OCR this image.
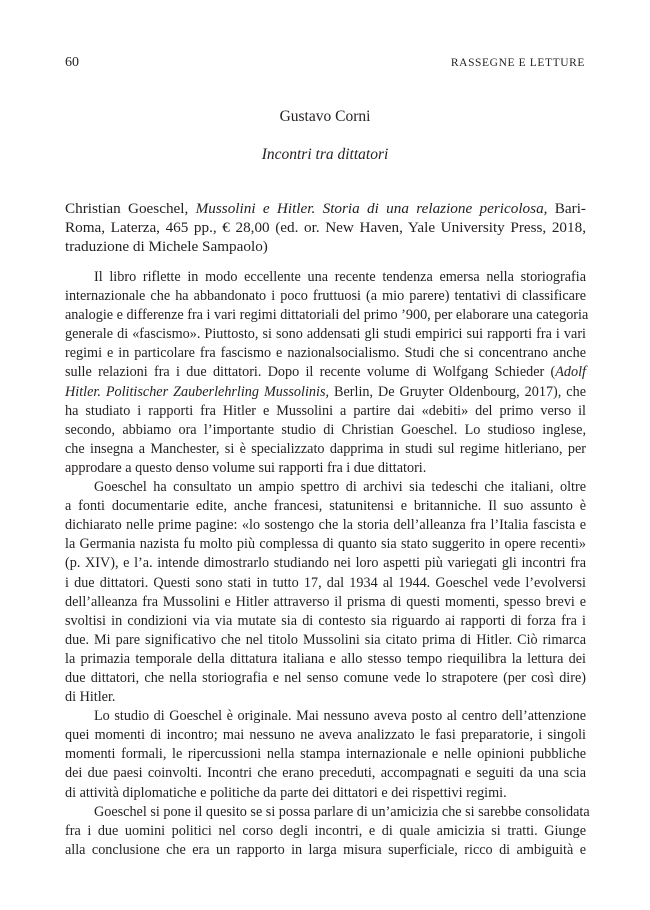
60	RASSEGNE E LETTURE
Gustavo Corni
Incontri tra dittatori
Christian Goeschel, Mussolini e Hitler. Storia di una relazione pericolosa, Bari-Roma, Laterza, 465 pp., € 28,00 (ed. or. New Haven, Yale University Press, 2018, traduzione di Michele Sampaolo)
Il libro riflette in modo eccellente una recente tendenza emersa nella storiografia
internazionale che ha abbandonato i poco fruttuosi (a mio parere) tentativi di classificare
analogie e differenze fra i vari regimi dittatoriali del primo ’900, per elaborare una categoria
generale di «fascismo». Piuttosto, si sono addensati gli studi empirici sui rapporti fra i vari
regimi e in particolare fra fascismo e nazionalsocialismo. Studi che si concentrano anche
sulle relazioni fra i due dittatori. Dopo il recente volume di Wolfgang Schieder (Adolf
Hitler. Politischer Zauberlehrling Mussolinis, Berlin, De Gruyter Oldenbourg, 2017), che
ha studiato i rapporti fra Hitler e Mussolini a partire dai «debiti» del primo verso il
secondo, abbiamo ora l’importante studio di Christian Goeschel. Lo studioso inglese,
che insegna a Manchester, si è specializzato dapprima in studi sul regime hitleriano, per
approdare a questo denso volume sui rapporti fra i due dittatori.
Goeschel ha consultato un ampio spettro di archivi sia tedeschi che italiani, oltre
a fonti documentarie edite, anche francesi, statunitensi e britanniche. Il suo assunto è
dichiarato nelle prime pagine: «lo sostengo che la storia dell’alleanza fra l’Italia fascista e
la Germania nazista fu molto più complessa di quanto sia stato suggerito in opere recenti»
(p. XIV), e l’a. intende dimostrarlo studiando nei loro aspetti più variegati gli incontri fra
i due dittatori. Questi sono stati in tutto 17, dal 1934 al 1944. Goeschel vede l’evolversi
dell’alleanza fra Mussolini e Hitler attraverso il prisma di questi momenti, spesso brevi e
svoltisi in condizioni via via mutate sia di contesto sia riguardo ai rapporti di forza fra i
due. Mi pare significativo che nel titolo Mussolini sia citato prima di Hitler. Ciò rimarca
la primazia temporale della dittatura italiana e allo stesso tempo riequilibra la lettura dei
due dittatori, che nella storiografia e nel senso comune vede lo strapotere (per così dire)
di Hitler.
Lo studio di Goeschel è originale. Mai nessuno aveva posto al centro dell’attenzione
quei momenti di incontro; mai nessuno ne aveva analizzato le fasi preparatorie, i singoli
momenti formali, le ripercussioni nella stampa internazionale e nelle opinioni pubbliche
dei due paesi coinvolti. Incontri che erano preceduti, accompagnati e seguiti da una scia
di attività diplomatiche e politiche da parte dei dittatori e dei rispettivi regimi.
Goeschel si pone il quesito se si possa parlare di un’amicizia che si sarebbe consolidata
fra i due uomini politici nel corso degli incontri, e di quale amicizia si tratti. Giunge
alla conclusione che era un rapporto in larga misura superficiale, ricco di ambiguità e
